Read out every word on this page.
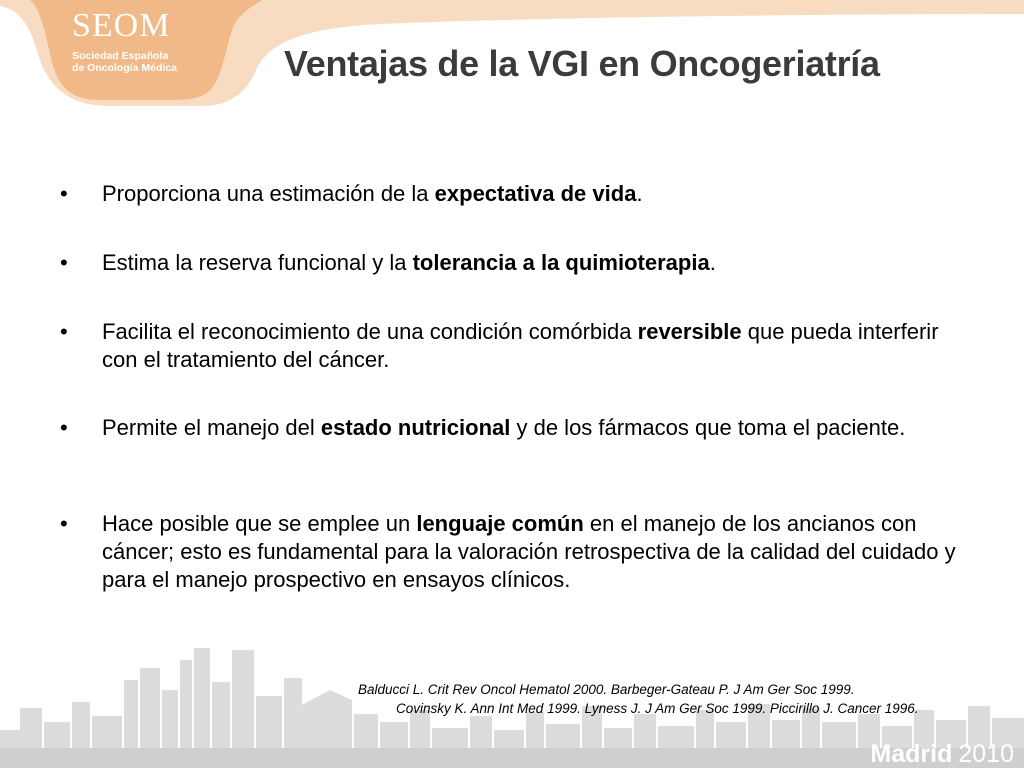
SEOM
Sociedad Española
de Oncología Médica	Ventajas de la VGI en Oncogeriatría
• Proporciona una estimación de la expectativa de vida.
• Estima la reserva funcional y la tolerancia a la quimioterapia.
• Facilita el reconocimiento de una condición comórbida reversible que pueda interferir con el tratamiento del cáncer.
• Permite el manejo del estado nutricional y de los fármacos que toma el paciente.
• Hace posible que se emplee un lenguaje común en el manejo de los ancianos con cáncer; esto es fundamental para la valoración retrospectiva de la calidad del cuidado y para el manejo prospectivo en ensayos clínicos.
Balducci L. Crit Rev Oncol Hematol 2000. Barbeger-Gateau P. J Am Ger Soc 1999.
Covinsky K. Ann Int Med 1999. Lyness J. J Am Ger Soc 1999. Piccirillo J. Cancer 1996.
Madrid 2010
